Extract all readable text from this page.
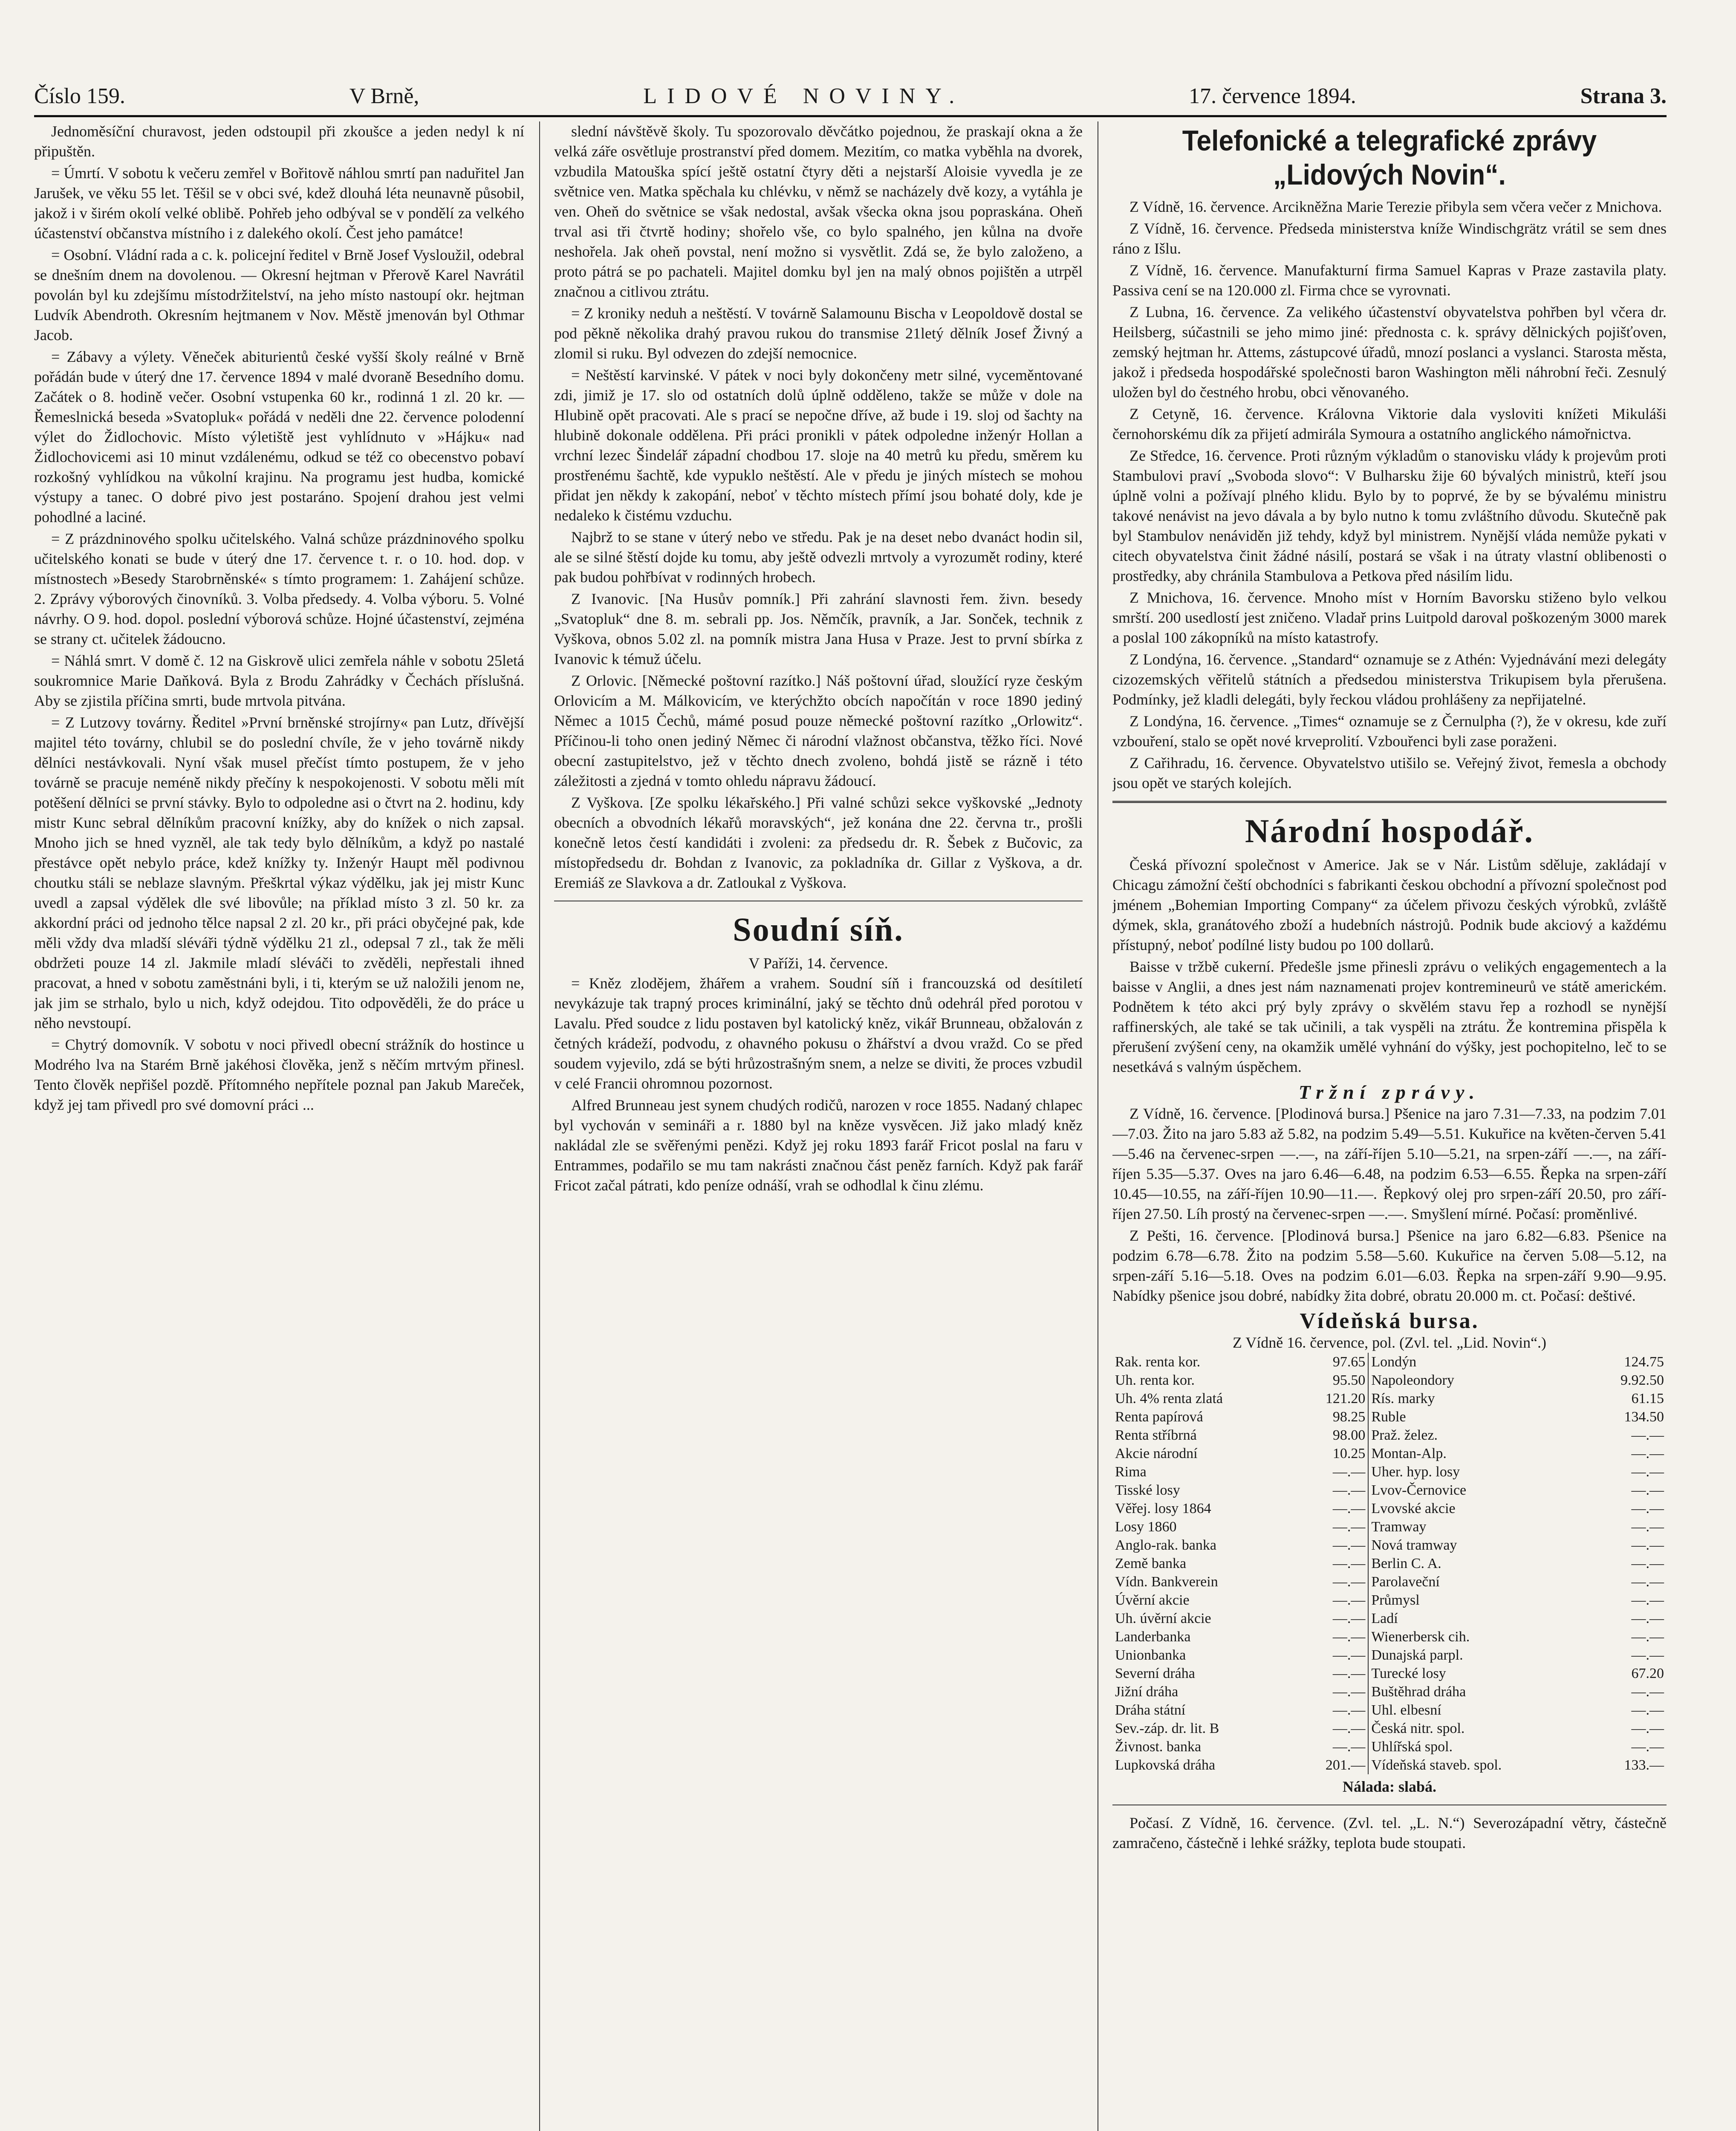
Číslo 159.	V Brně,	LIDOVÉ NOVINY.	17. července 1894.	Strana 3.

Jednoměsíční churavost, jeden odstoupil při zkoušce a jeden nedyl k ní připuštěn.

= Úmrtí. V sobotu k večeru zemřel v Bořitově náhlou smrtí pan naduřitel Jan Jarušek, ve věku 55 let. Těšil se v obci své, kdež dlouhá léta neunavně působil, jakož i v širém okolí velké oblibě. Pohřeb jeho odbýval se v pondělí za velkého účastenství občanstva místního i z dalekého okolí. Čest jeho památce!

= Osobní. Vládní rada a c. k. policejní ředitel v Brně Josef Vysloužil, odebral se dnešním dnem na dovolenou. — Okresní hejtman v Přerově Karel Navrátil povolán byl ku zdejšímu místodržitelství, na jeho místo nastoupí okr. hejtman Ludvík Abendroth. Okresním hejtmanem v Nov. Městě jmenován byl Othmar Jacob.

= Zábavy a výlety. Věneček abiturientů české vyšší školy reálné v Brně pořádán bude v úterý dne 17. července 1894 v malé dvoraně Besedního domu. Začátek o 8. hodině večer. Osobní vstupenka 60 kr., rodinná 1 zl. 20 kr. — Řemeslnická beseda »Svatopluk« pořádá v neděli dne 22. července polodenní výlet do Židlochovic. Místo výletiště jest vyhlídnuto v »Hájku« nad Židlochovicemi asi 10 minut vzdálenému, odkud se též co obecenstvo pobaví rozkošný vyhlídkou na vůkolní krajinu. Na programu jest hudba, komické výstupy a tanec. O dobré pivo jest postaráno. Spojení drahou jest velmi pohodlné a laciné.

= Z prázdninového spolku učitelského. Valná schůze prázdninového spolku učitelského konati se bude v úterý dne 17. července t. r. o 10. hod. dop. v místnostech »Besedy Starobrněnské« s tímto programem: 1. Zahájení schůze. 2. Zprávy výborových činovníků. 3. Volba předsedy. 4. Volba výboru. 5. Volné návrhy. O 9. hod. dopol. poslední výborová schůze. Hojné účastenství, zejména se strany ct. učitelek žádoucno.

= Náhlá smrt. V domě č. 12 na Giskrově ulici zemřela náhle v sobotu 25letá soukromnice Marie Daňková. Byla z Brodu Zahrádky v Čechách příslušná. Aby se zjistila příčina smrti, bude mrtvola pitvána.

= Z Lutzovy továrny. Ředitel »První brněnské strojírny« pan Lutz, dřívější majitel této továrny, chlubil se do poslední chvíle, že v jeho továrně nikdy dělníci nestávkovali. Nyní však musel přečíst tímto postupem, že v jeho továrně se pracuje neméně nikdy přečíny k nespokojenosti. V sobotu měli mít potěšení dělníci se první stávky. Bylo to odpoledne asi o čtvrt na 2. hodinu, kdy mistr Kunc sebral dělníkům pracovní knížky, aby do knížek o nich zapsal. Mnoho jich se hned vyzněl, ale tak tedy bylo dělníkům, a když po nastalé přestávce opět nebylo práce, kdež knížky ty. Inženýr Haupt měl podivnou choutku stáli se neblaze slavným. Přeškrtal výkaz výdělku, jak jej mistr Kunc uvedl a zapsal výdělek dle své libovůle; na příklad místo 3 zl. 50 kr. za akkordní práci od jednoho tělce napsal 2 zl. 20 kr., při práci obyčejné pak, kde měli vždy dva mladší sléváři týdně výdělku 21 zl., odepsal 7 zl., tak že měli obdržeti pouze 14 zl. Jakmile mladí sléváči to zvěděli, nepřestali ihned pracovat, a hned v sobotu zaměstnáni byli, i ti, kterým se už naložili jenom ne, jak jim se strhalo, bylo u nich, když odejdou. Tito odpověděli, že do práce u něho nevstoupí.

= Chytrý domovník. V sobotu v noci přivedl obecní strážník do hostince u Modrého lva na Starém Brně jakéhosi člověka, jenž s něčím mrtvým přinesl. Tento člověk nepřišel pozdě. Přítomného nepřítele poznal pan Jakub Mareček, když jej tam přivedl pro své domovní práci ...

slední návštěvě školy. Tu spozorovalo děvčátko pojednou, že praskají okna a že velká záře osvětluje prostranství před domem. Mezitím, co matka vyběhla na dvorek, vzbudila Matouška spící ještě ostatní čtyry děti a nejstarší Aloisie vyvedla je ze světnice ven. Matka spěchala ku chlévku, v němž se nacházely dvě kozy, a vytáhla je ven. Oheň do světnice se však nedostal, avšak všecka okna jsou popraskána. Oheň trval asi tři čtvrtě hodiny; shořelo vše, co bylo spalného, jen kůlna na dvoře neshořela. Jak oheň povstal, není možno si vysvětlit. Zdá se, že bylo založeno, a proto pátrá se po pachateli. Majitel domku byl jen na malý obnos pojištěn a utrpěl značnou a citlivou ztrátu.

= Z kroniky neduh a neštěstí. V továrně Salamounu Bischa v Leopoldově dostal se pod pěkně několika drahý pravou rukou do transmise 21letý dělník Josef Živný a zlomil si ruku. Byl odvezen do zdejší nemocnice.

= Neštěstí karvinské. V pátek v noci byly dokončeny metr silné, vyceměntované zdi, jimiž je 17. slo od ostatních dolů úplně odděleno, takže se může v dole na Hlubině opět pracovati. Ale s prací se nepočne dříve, až bude i 19. sloj od šachty na hlubině dokonale oddělena. Při práci pronikli v pátek odpoledne inženýr Hollan a vrchní lezec Šindelář západní chodbou 17. sloje na 40 metrů ku předu, směrem ku prostřenému šachtě, kde vypuklo neštěstí. Ale v předu je jiných místech se mohou přidat jen někdy k zakopání, neboť v těchto místech přímí jsou bohaté doly, kde je nedaleko k čistému vzduchu.

Najbrž to se stane v úterý nebo ve středu. Pak je na deset nebo dvanáct hodin sil, ale se silné štěstí dojde ku tomu, aby ještě odvezli mrtvoly a vyrozumět rodiny, které pak budou pohřbívat v rodinných hrobech.

Z Ivanovic. [Na Husův pomník.] Při zahrání slavnosti řem. živn. besedy „Svatopluk“ dne 8. m. sebrali pp. Jos. Němčík, pravník, a Jar. Sonček, technik z Vyškova, obnos 5.02 zl. na pomník mistra Jana Husa v Praze. Jest to první sbírka z Ivanovic k témuž účelu.

Z Orlovic. [Německé poštovní razítko.] Náš poštovní úřad, sloužící ryze českým Orlovicím a M. Málkovicím, ve kterýchžto obcích napočítán v roce 1890 jediný Němec a 1015 Čechů, mámé posud pouze německé poštovní razítko „Orlowitz“. Příčinou-li toho onen jediný Němec či národní vlažnost občanstva, těžko říci. Nové obecní zastupitelstvo, jež v těchto dnech zvoleno, bohdá jistě se rázně i této záležitosti a zjedná v tomto ohledu nápravu žádoucí.

Z Vyškova. [Ze spolku lékařského.] Při valné schůzi sekce vyškovské „Jednoty obecních a obvodních lékařů moravských“, jež konána dne 22. června tr., prošli konečně letos čestí kandidáti i zvoleni: za předsedu dr. R. Šebek z Bučovic, za místopředsedu dr. Bohdan z Ivanovic, za pokladníka dr. Gillar z Vyškova, a dr. Eremiáš ze Slavkova a dr. Zatloukal z Vyškova.

Soudní síň.
V Paříži, 14. července.

= Kněz zlodějem, žhářem a vrahem. Soudní síň i francouzská od desítiletí nevykázuje tak trapný proces kriminální, jaký se těchto dnů odehrál před porotou v Lavalu. Před soudce z lidu postaven byl katolický kněz, vikář Brunneau, obžalován z četných krádeží, podvodu, z ohavného pokusu o žhářství a dvou vražd. Co se před soudem vyjevilo, zdá se býti hrůzostrašným snem, a nelze se diviti, že proces vzbudil v celé Francii ohromnou pozornost.

Alfred Brunneau jest synem chudých rodičů, narozen v roce 1855. Nadaný chlapec byl vychován v semináři a r. 1880 byl na kněze vysvěcen. Již jako mladý kněz nakládal zle se svěřenými penězi. Když jej roku 1893 farář Fricot poslal na faru v Entrammes, podařilo se mu tam nakrásti značnou část peněz farních. Když pak farář Fricot začal pátrati, kdo peníze odnáší, vrah se odhodlal k činu zlému.

Telefonické a telegrafické zprávy „Lidových Novin“.

Z Vídně, 16. července. Arcikněžna Marie Terezie přibyla sem včera večer z Mnichova.

Z Vídně, 16. července. Předseda ministerstva kníže Windischgrätz vrátil se sem dnes ráno z Išlu.

Z Vídně, 16. července. Manufakturní firma Samuel Kapras v Praze zastavila platy. Passiva cení se na 120.000 zl. Firma chce se vyrovnati.

Z Lubna, 16. července. Za velikého účastenství obyvatelstva pohřben byl včera dr. Heilsberg, súčastnili se jeho mimo jiné: přednosta c. k. správy dělnických pojišťoven, zemský hejtman hr. Attems, zástupcové úřadů, mnozí poslanci a vyslanci. Starosta města, jakož i předseda hospodářské společnosti baron Washington měli náhrobní řeči. Zesnulý uložen byl do čestného hrobu, obci věnovaného.

Z Cetyně, 16. července. Královna Viktorie dala vysloviti knížeti Mikuláši černohorskému dík za přijetí admirála Symoura a ostatního anglického námořnictva.

Ze Středce, 16. července. Proti různým výkladům o stanovisku vlády k projevům proti Stambulovi praví „Svoboda slovo“: V Bulharsku žije 60 bývalých ministrů, kteří jsou úplně volni a požívají plného klidu. Bylo by to poprvé, že by se bývalému ministru takové nenávist na jevo dávala a by bylo nutno k tomu zvláštního důvodu. Skutečně pak byl Stambulov nenáviděn již tehdy, když byl ministrem. Nynější vláda nemůže pykati v citech obyvatelstva činit žádné násilí, postará se však i na útraty vlastní oblibenosti o prostředky, aby chránila Stambulova a Petkova před násilím lidu.

Z Mnichova, 16. července. Mnoho míst v Horním Bavorsku stiženo bylo velkou smrští. 200 usedlostí jest zničeno. Vladař prins Luitpold daroval poškozeným 3000 marek a poslal 100 zákopníků na místo katastrofy.

Z Londýna, 16. července. „Standard“ oznamuje se z Athén: Vyjednávání mezi delegáty cizozemských věřitelů státních a předsedou ministerstva Trikupisem byla přerušena. Podmínky, jež kladli delegáti, byly řeckou vládou prohlášeny za nepřijatelné.

Z Londýna, 16. července. „Times“ oznamuje se z Černulpha (?), že v okresu, kde zuří vzbouření, stalo se opět nové krveprolití. Vzbouřenci byli zase poraženi.

Z Cařihradu, 16. července. Obyvatelstvo utišilo se. Veřejný život, řemesla a obchody jsou opět ve starých kolejích.

Národní hospodář.

Česká přívozní společnost v Americe. Jak se v Nár. Listům sděluje, zakládají v Chicagu zámožní čeští obchodníci s fabrikanti českou obchodní a přívozní společnost pod jménem „Bohemian Importing Company“ za účelem přivozu českých výrobků, zvláště dýmek, skla, granátového zboží a hudebních nástrojů. Podnik bude akciový a každému přístupný, neboť podílné listy budou po 100 dollarů.

Baisse v tržbě cukerní. Předešle jsme přinesli zprávu o velikých engagementech a la baisse v Anglii, a dnes jest nám naznamenati projev kontremineurů ve státě americkém. Podnětem k této akci prý byly zprávy o skvělém stavu řep a rozhodl se nynější raffinerských, ale také se tak učinili, a tak vyspěli na ztrátu. Že kontremina přispěla k přerušení zvýšení ceny, na okamžik umělé vyhnání do výšky, jest pochopitelno, leč to se nesetkává s valným úspěchem.

Tržní zprávy.

Z Vídně, 16. července. [Plodinová bursa.] Pšenice na jaro 7.31—7.33, na podzim 7.01—7.03. Žito na jaro 5.83 až 5.82, na podzim 5.49—5.51. Kukuřice na květen-červen 5.41—5.46 na červenec-srpen —.—, na září-říjen 5.10—5.21, na srpen-září —.—, na září-říjen 5.35—5.37. Oves na jaro 6.46—6.48, na podzim 6.53—6.55. Řepka na srpen-září 10.45—10.55, na září-říjen 10.90—11.—. Řepkový olej pro srpen-září 20.50, pro září-říjen 27.50. Líh prostý na červenec-srpen —.—. Smyšlení mírné. Počasí: proměnlivé.

Z Pešti, 16. července. [Plodinová bursa.] Pšenice na jaro 6.82—6.83. Pšenice na podzim 6.78—6.78. Žito na podzim 5.58—5.60. Kukuřice na červen 5.08—5.12, na srpen-září 5.16—5.18. Oves na podzim 6.01—6.03. Řepka na srpen-září 9.90—9.95. Nabídky pšenice jsou dobré, nabídky žita dobré, obratu 20.000 m. ct. Počasí: deštivé.

Vídeňská bursa.
Z Vídně 16. července, pol. (Zvl. tel. „Lid. Novin“.)
Rak. renta kor.	97.65	Londýn	124.75
Uh. renta kor.	95.50	Napoleondory	9.92.50
Uh. 4% renta zlatá	121.20	Rís. marky	61.15
Renta papírová	98.25	Ruble	134.50
Renta stříbrná	98.00	Praž. želez.	—.—
Akcie národní	10.25	Montan-Alp.	—.—
Rima	—.—	Uher. hyp. losy	—.—
Tisské losy	—.—	Lvov-Černovice	—.—
Věřej. losy 1864	—.—	Lvovské akcie	—.—
Losy 1860	—.—	Tramway	—.—
Anglo-rak. banka	—.—	Nová tramway	—.—
Země banka	—.—	Berlin C. A.	—.—
Vídn. Bankverein	—.—	Parolaveční	—.—
Úvěrní akcie	—.—	Průmysl	—.—
Uh. úvěrní akcie	—.—	Ladí	—.—
Landerbanka	—.—	Wienerbersk cih.	—.—
Unionbanka	—.—	Dunajská parpl.	—.—
Severní dráha	—.—	Turecké losy	67.20
Jižní dráha	—.—	Buštěhrad dráha	—.—
Dráha státní	—.—	Uhl. elbesní	—.—
Sev.-záp. dr. lit. B	—.—	Česká nitr. spol.	—.—
Živnost. banka	—.—	Uhlířská spol.	—.—
Lupkovská dráha	201.—	Vídeňská staveb. spol.	133.—
Nálada: slabá.

Počasí. Z Vídně, 16. července. (Zvl. tel. „L. N.“) Severozápadní větry, částečně zamračeno, částečně i lehké srážky, teplota bude stoupati.
